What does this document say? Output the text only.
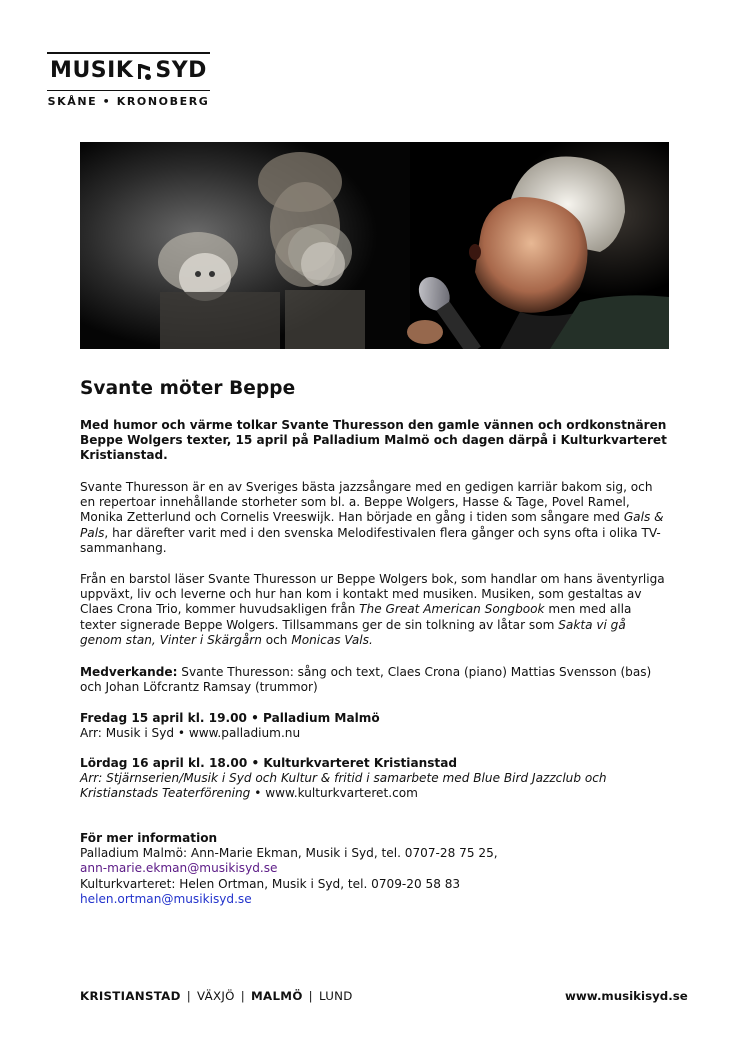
MUSIK SYD
SKÅNE • KRONOBERG
Svante möter Beppe
Med humor och värme tolkar Svante Thuresson den gamle vännen och ordkonstnären Beppe Wolgers texter, 15 april på Palladium Malmö och dagen därpå i Kulturkvarteret Kristianstad.
Svante Thuresson är en av Sveriges bästa jazzsångare med en gedigen karriär bakom sig, och en repertoar innehållande storheter som bl. a. Beppe Wolgers, Hasse & Tage, Povel Ramel, Monika Zetterlund och Cornelis Vreeswijk. Han började en gång i tiden som sångare med Gals & Pals, har därefter varit med i den svenska Melodifestivalen flera gånger och syns ofta i olika TV-sammanhang.
Från en barstol läser Svante Thuresson ur Beppe Wolgers bok, som handlar om hans äventyrliga uppväxt, liv och leverne och hur han kom i kontakt med musiken. Musiken, som gestaltas av Claes Crona Trio, kommer huvudsakligen från The Great American Songbook men med alla texter signerade Beppe Wolgers. Tillsammans ger de sin tolkning av låtar som Sakta vi gå genom stan, Vinter i Skärgårn och Monicas Vals.
Medverkande: Svante Thuresson: sång och text, Claes Crona (piano) Mattias Svensson (bas) och Johan Löfcrantz Ramsay (trummor)
Fredag 15 april kl. 19.00 • Palladium Malmö
Arr: Musik i Syd • www.palladium.nu
Lördag 16 april kl. 18.00 • Kulturkvarteret Kristianstad
Arr: Stjärnserien/Musik i Syd och Kultur & fritid i samarbete med Blue Bird Jazzclub och Kristianstads Teaterförening • www.kulturkvarteret.com
För mer information
Palladium Malmö: Ann-Marie Ekman, Musik i Syd, tel. 0707-28 75 25,
ann-marie.ekman@musikisyd.se
Kulturkvarteret: Helen Ortman, Musik i Syd, tel. 0709-20 58 83
helen.ortman@musikisyd.se
KRISTIANSTAD | VÄXJÖ | MALMÖ | LUND	www.musikisyd.se
